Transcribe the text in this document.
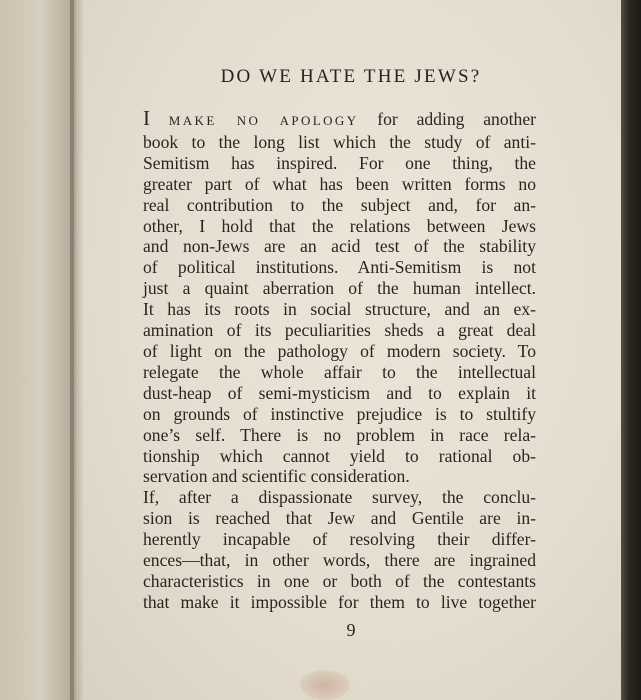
DO WE HATE THE JEWS?
I MAKE NO APOLOGY for adding another
book to the long list which the study of anti-
Semitism has inspired. For one thing, the
greater part of what has been written forms no
real contribution to the subject and, for an-
other, I hold that the relations between Jews
and non-Jews are an acid test of the stability
of political institutions. Anti-Semitism is not
just a quaint aberration of the human intellect.
It has its roots in social structure, and an ex-
amination of its peculiarities sheds a great deal
of light on the pathology of modern society. To
relegate the whole affair to the intellectual
dust-heap of semi-mysticism and to explain it
on grounds of instinctive prejudice is to stultify
one’s self. There is no problem in race rela-
tionship which cannot yield to rational ob-
servation and scientific consideration.
If, after a dispassionate survey, the conclu-
sion is reached that Jew and Gentile are in-
herently incapable of resolving their differ-
ences—that, in other words, there are ingrained
characteristics in one or both of the contestants
that make it impossible for them to live together
9
